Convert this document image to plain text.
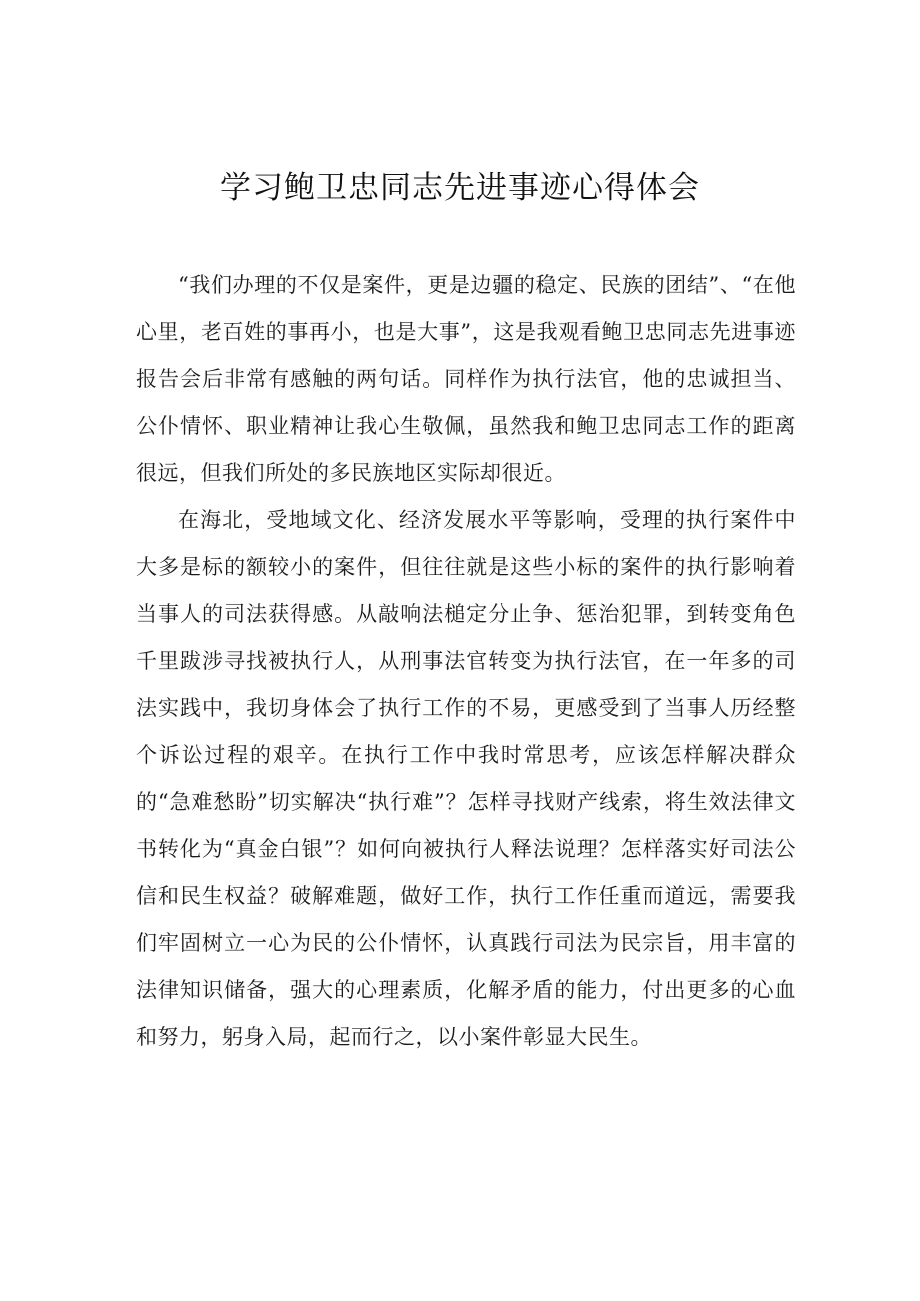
学习鲍卫忠同志先进事迹心得体会

“我们办理的不仅是案件，更是边疆的稳定、民族的团结”、“在他心里，老百姓的事再小，也是大事”，这是我观看鲍卫忠同志先进事迹报告会后非常有感触的两句话。同样作为执行法官，他的忠诚担当、公仆情怀、职业精神让我心生敬佩，虽然我和鲍卫忠同志工作的距离很远，但我们所处的多民族地区实际却很近。

在海北，受地域文化、经济发展水平等影响，受理的执行案件中大多是标的额较小的案件，但往往就是这些小标的案件的执行影响着当事人的司法获得感。从敲响法槌定分止争、惩治犯罪，到转变角色千里跋涉寻找被执行人，从刑事法官转变为执行法官，在一年多的司法实践中，我切身体会了执行工作的不易，更感受到了当事人历经整个诉讼过程的艰辛。在执行工作中我时常思考，应该怎样解决群众的“急难愁盼”切实解决“执行难”？怎样寻找财产线索，将生效法律文书转化为“真金白银”？如何向被执行人释法说理？怎样落实好司法公信和民生权益？破解难题，做好工作，执行工作任重而道远，需要我们牢固树立一心为民的公仆情怀，认真践行司法为民宗旨，用丰富的法律知识储备，强大的心理素质，化解矛盾的能力，付出更多的心血和努力，躬身入局，起而行之，以小案件彰显大民生。
